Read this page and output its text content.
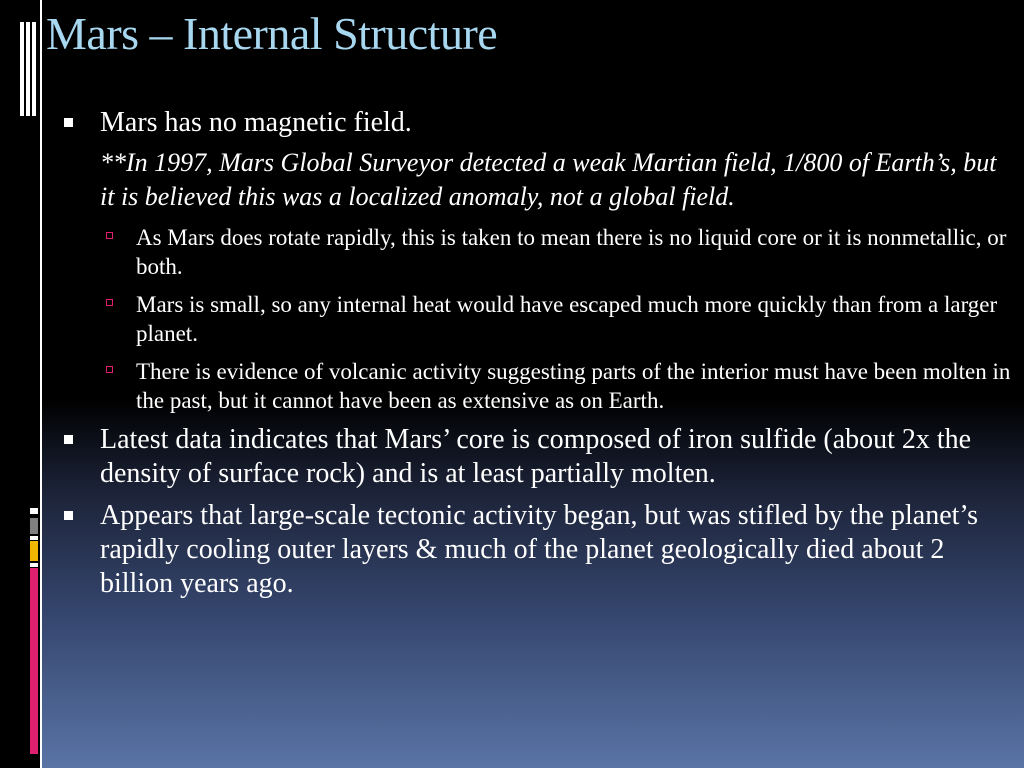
Mars – Internal Structure
Mars has no magnetic field.
**In 1997, Mars Global Surveyor detected a weak Martian field, 1/800 of Earth’s, but it is believed this was a localized anomaly, not a global field.
As Mars does rotate rapidly, this is taken to mean there is no liquid core or it is nonmetallic, or both.
Mars is small, so any internal heat would have escaped much more quickly than from a larger planet.
There is evidence of volcanic activity suggesting parts of the interior must have been molten in the past, but it cannot have been as extensive as on Earth.
Latest data indicates that Mars’ core is composed of iron sulfide (about 2x the density of surface rock) and is at least partially molten.
Appears that large-scale tectonic activity began, but was stifled by the planet’s rapidly cooling outer layers & much of the planet geologically died about 2 billion years ago.
